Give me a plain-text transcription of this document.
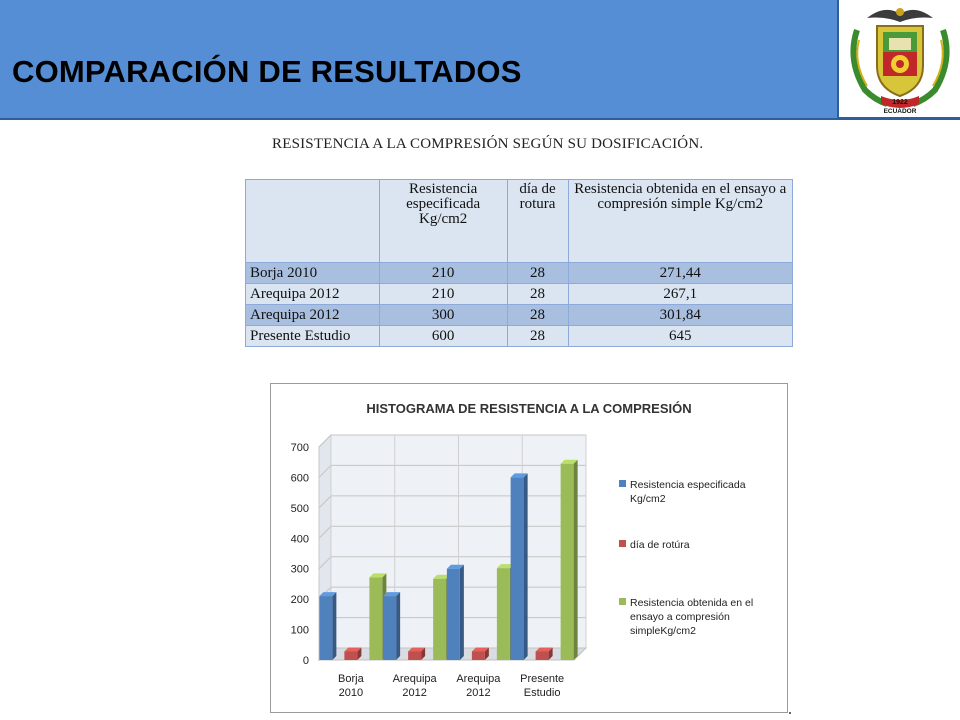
COMPARACIÓN DE RESULTADOS
1922
ECUADOR
RESISTENCIA A LA COMPRESIÓN SEGÚN SU DOSIFICACIÓN.
	Resistencia especificada Kg/cm2	día de rotura	Resistencia obtenida en el ensayo a compresión simple Kg/cm2
Borja 2010	210	28	271,44
Arequipa 2012	210	28	267,1
Arequipa 2012	300	28	301,84
Presente Estudio	600	28	645
HISTOGRAMA DE RESISTENCIA A LA COMPRESIÓN
0
100
200
300
400
500
600
700
Borja
2010
Arequipa
2012
Arequipa
2012
Presente
Estudio
Resistencia especificada
Kg/cm2
día de rotúra
Resistencia obtenida en el
ensayo a compresión
simpleKg/cm2
